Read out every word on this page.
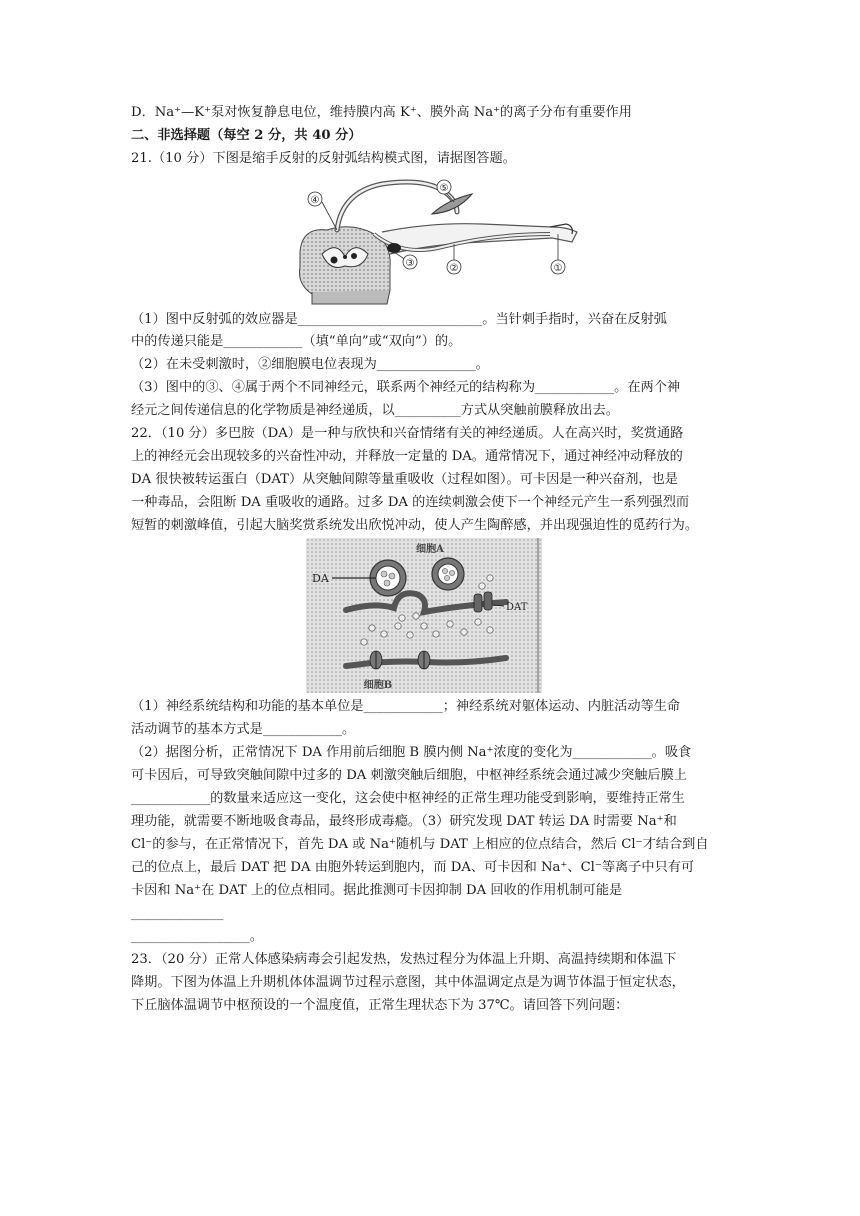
D．Na⁺—K⁺泵对恢复静息电位，维持膜内高 K⁺、膜外高 Na⁺的离子分布有重要作用
二、非选择题（每空 2 分，共 40 分）
21.（10 分）下图是缩手反射的反射弧结构模式图，请据图答题。
④
⑤
③	②	①
（1）图中反射弧的效应器是____________________________。当针刺手指时，兴奋在反射弧
中的传递只能是____________（填“单向”或“双向”）的。
（2）在未受刺激时，②细胞膜电位表现为_______________。
（3）图中的③、④属于两个不同神经元，联系两个神经元的结构称为____________。在两个神
经元之间传递信息的化学物质是神经递质，以__________方式从突触前膜释放出去。
22．（10 分）多巴胺（DA）是一种与欣快和兴奋情绪有关的神经递质。人在高兴时，奖赏通路
上的神经元会出现较多的兴奋性冲动，并释放一定量的 DA。通常情况下，通过神经冲动释放的
DA 很快被转运蛋白（DAT）从突触间隙等量重吸收（过程如图）。可卡因是一种兴奋剂，也是
一种毒品，会阻断 DA 重吸收的通路。过多 DA 的连续刺激会使下一个神经元产生一系列强烈而
短暂的刺激峰值，引起大脑奖赏系统发出欣悦冲动，使人产生陶醉感，并出现强迫性的觅药行为。
细胞A
DA
DAT
细胞B
（1）神经系统结构和功能的基本单位是____________；神经系统对躯体运动、内脏活动等生命
活动调节的基本方式是____________。
（2）据图分析，正常情况下 DA 作用前后细胞 B 膜内侧 Na⁺浓度的变化为____________。吸食
可卡因后，可导致突触间隙中过多的 DA 刺激突触后细胞，中枢神经系统会通过减少突触后膜上
____________的数量来适应这一变化，这会使中枢神经的正常生理功能受到影响，要维持正常生
理功能，就需要不断地吸食毒品，最终形成毒瘾。（3）研究发现 DAT 转运 DA 时需要 Na⁺和
Cl⁻的参与，在正常情况下，首先 DA 或 Na⁺随机与 DAT 上相应的位点结合，然后 Cl⁻才结合到自
己的位点上，最后 DAT 把 DA 由胞外转运到胞内，而 DA、可卡因和 Na⁺、Cl⁻等离子中只有可
卡因和 Na⁺在 DAT 上的位点相同。据此推测可卡因抑制 DA 回收的作用机制可能是
______________
__________________。
23．（20 分）正常人体感染病毒会引起发热，发热过程分为体温上升期、高温持续期和体温下
降期。下图为体温上升期机体体温调节过程示意图，其中体温调定点是为调节体温于恒定状态，
下丘脑体温调节中枢预设的一个温度值，正常生理状态下为 37℃。请回答下列问题：
